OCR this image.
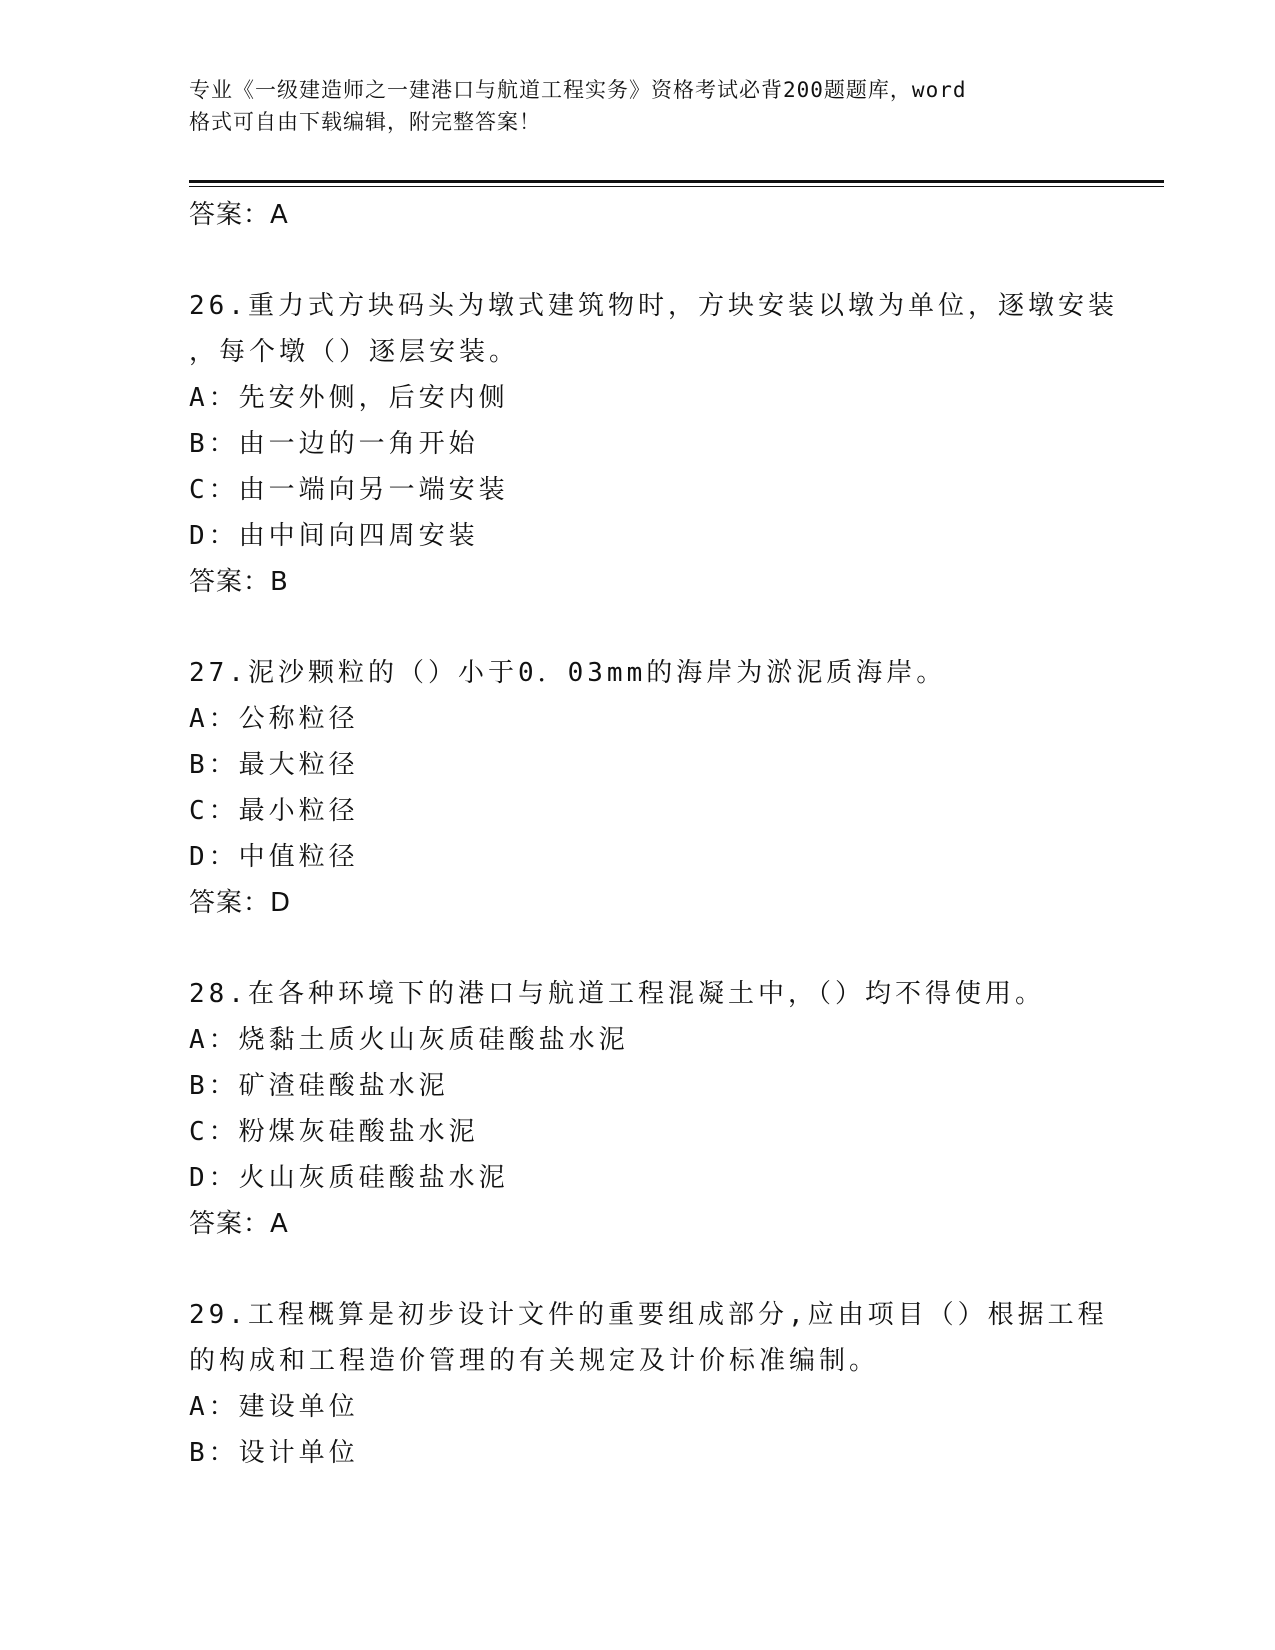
专业《一级建造师之一建港口与航道工程实务》资格考试必背200题题库，word
格式可自由下载编辑，附完整答案！
答案：A
26.重力式方块码头为墩式建筑物时，方块安装以墩为单位，逐墩安装
，每个墩（）逐层安装。
A：先安外侧，后安内侧
B：由一边的一角开始
C：由一端向另一端安装
D：由中间向四周安装
答案：B
27.泥沙颗粒的（）小于0．03mm的海岸为淤泥质海岸。
A：公称粒径
B：最大粒径
C：最小粒径
D：中值粒径
答案：D
28.在各种环境下的港口与航道工程混凝土中，（）均不得使用。
A：烧黏土质火山灰质硅酸盐水泥
B：矿渣硅酸盐水泥
C：粉煤灰硅酸盐水泥
D：火山灰质硅酸盐水泥
答案：A
29.工程概算是初步设计文件的重要组成部分,应由项目（）根据工程
的构成和工程造价管理的有关规定及计价标准编制。
A：建设单位
B：设计单位
